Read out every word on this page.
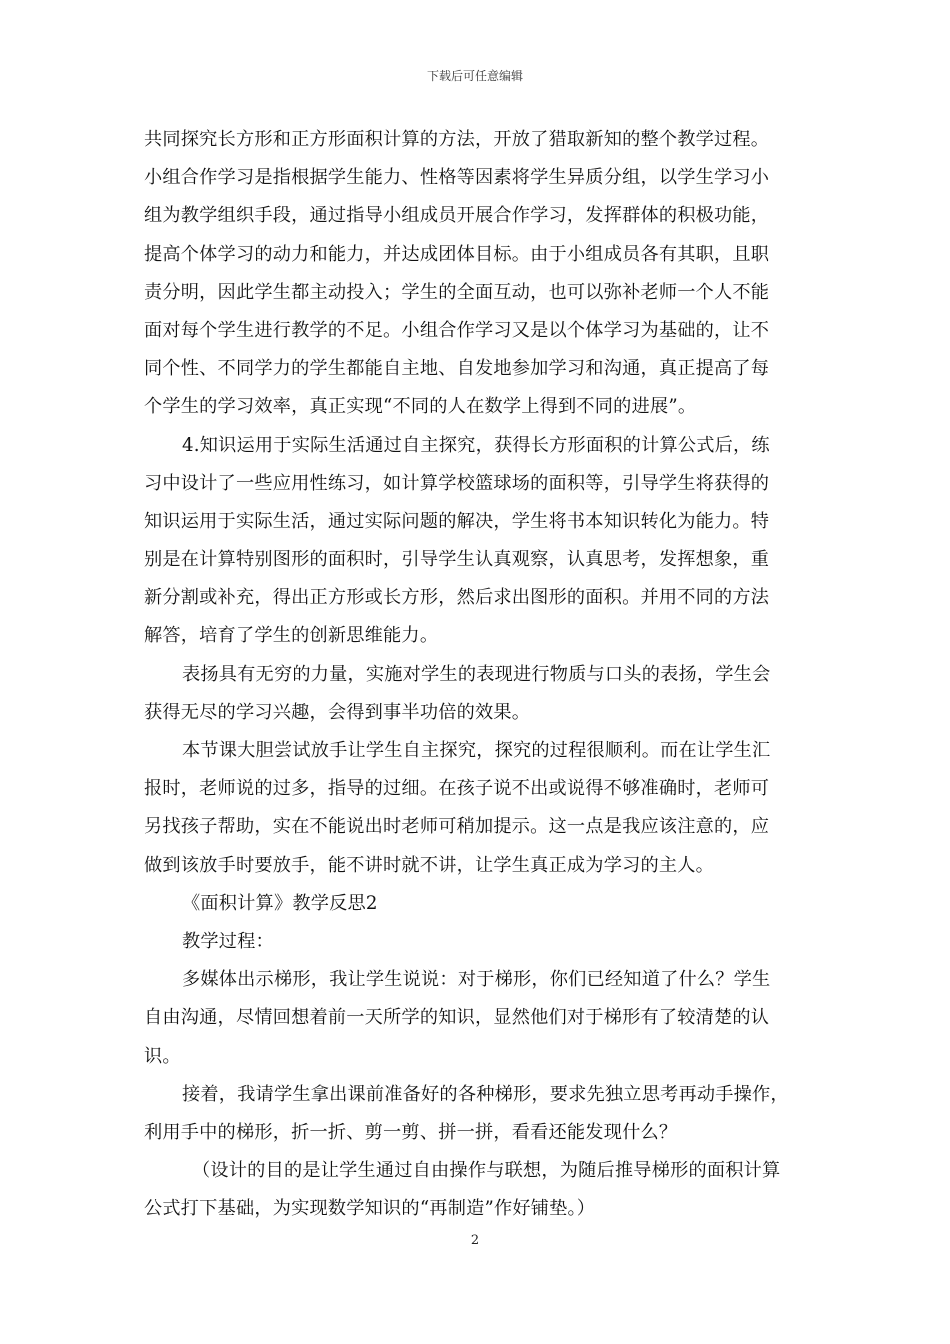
下载后可任意编辑
共同探究长方形和正方形面积计算的方法，开放了猎取新知的整个教学过程。
小组合作学习是指根据学生能力、性格等因素将学生异质分组，以学生学习小
组为教学组织手段，通过指导小组成员开展合作学习，发挥群体的积极功能，
提高个体学习的动力和能力，并达成团体目标。由于小组成员各有其职，且职
责分明，因此学生都主动投入；学生的全面互动，也可以弥补老师一个人不能
面对每个学生进行教学的不足。小组合作学习又是以个体学习为基础的，让不
同个性、不同学力的学生都能自主地、自发地参加学习和沟通，真正提高了每
个学生的学习效率，真正实现“不同的人在数学上得到不同的进展”。
4.知识运用于实际生活通过自主探究，获得长方形面积的计算公式后，练
习中设计了一些应用性练习，如计算学校篮球场的面积等，引导学生将获得的
知识运用于实际生活，通过实际问题的解决，学生将书本知识转化为能力。特
别是在计算特别图形的面积时，引导学生认真观察，认真思考，发挥想象，重
新分割或补充，得出正方形或长方形，然后求出图形的面积。并用不同的方法
解答，培育了学生的创新思维能力。
表扬具有无穷的力量，实施对学生的表现进行物质与口头的表扬，学生会
获得无尽的学习兴趣，会得到事半功倍的效果。
本节课大胆尝试放手让学生自主探究，探究的过程很顺利。而在让学生汇
报时，老师说的过多，指导的过细。在孩子说不出或说得不够准确时，老师可
另找孩子帮助，实在不能说出时老师可稍加提示。这一点是我应该注意的，应
做到该放手时要放手，能不讲时就不讲，让学生真正成为学习的主人。
《面积计算》教学反思2
教学过程：
多媒体出示梯形，我让学生说说：对于梯形，你们已经知道了什么？学生
自由沟通，尽情回想着前一天所学的知识，显然他们对于梯形有了较清楚的认
识。
接着，我请学生拿出课前准备好的各种梯形，要求先独立思考再动手操作，
利用手中的梯形，折一折、剪一剪、拼一拼，看看还能发现什么？
（设计的目的是让学生通过自由操作与联想，为随后推导梯形的面积计算
公式打下基础，为实现数学知识的“再制造”作好铺垫。）
2
